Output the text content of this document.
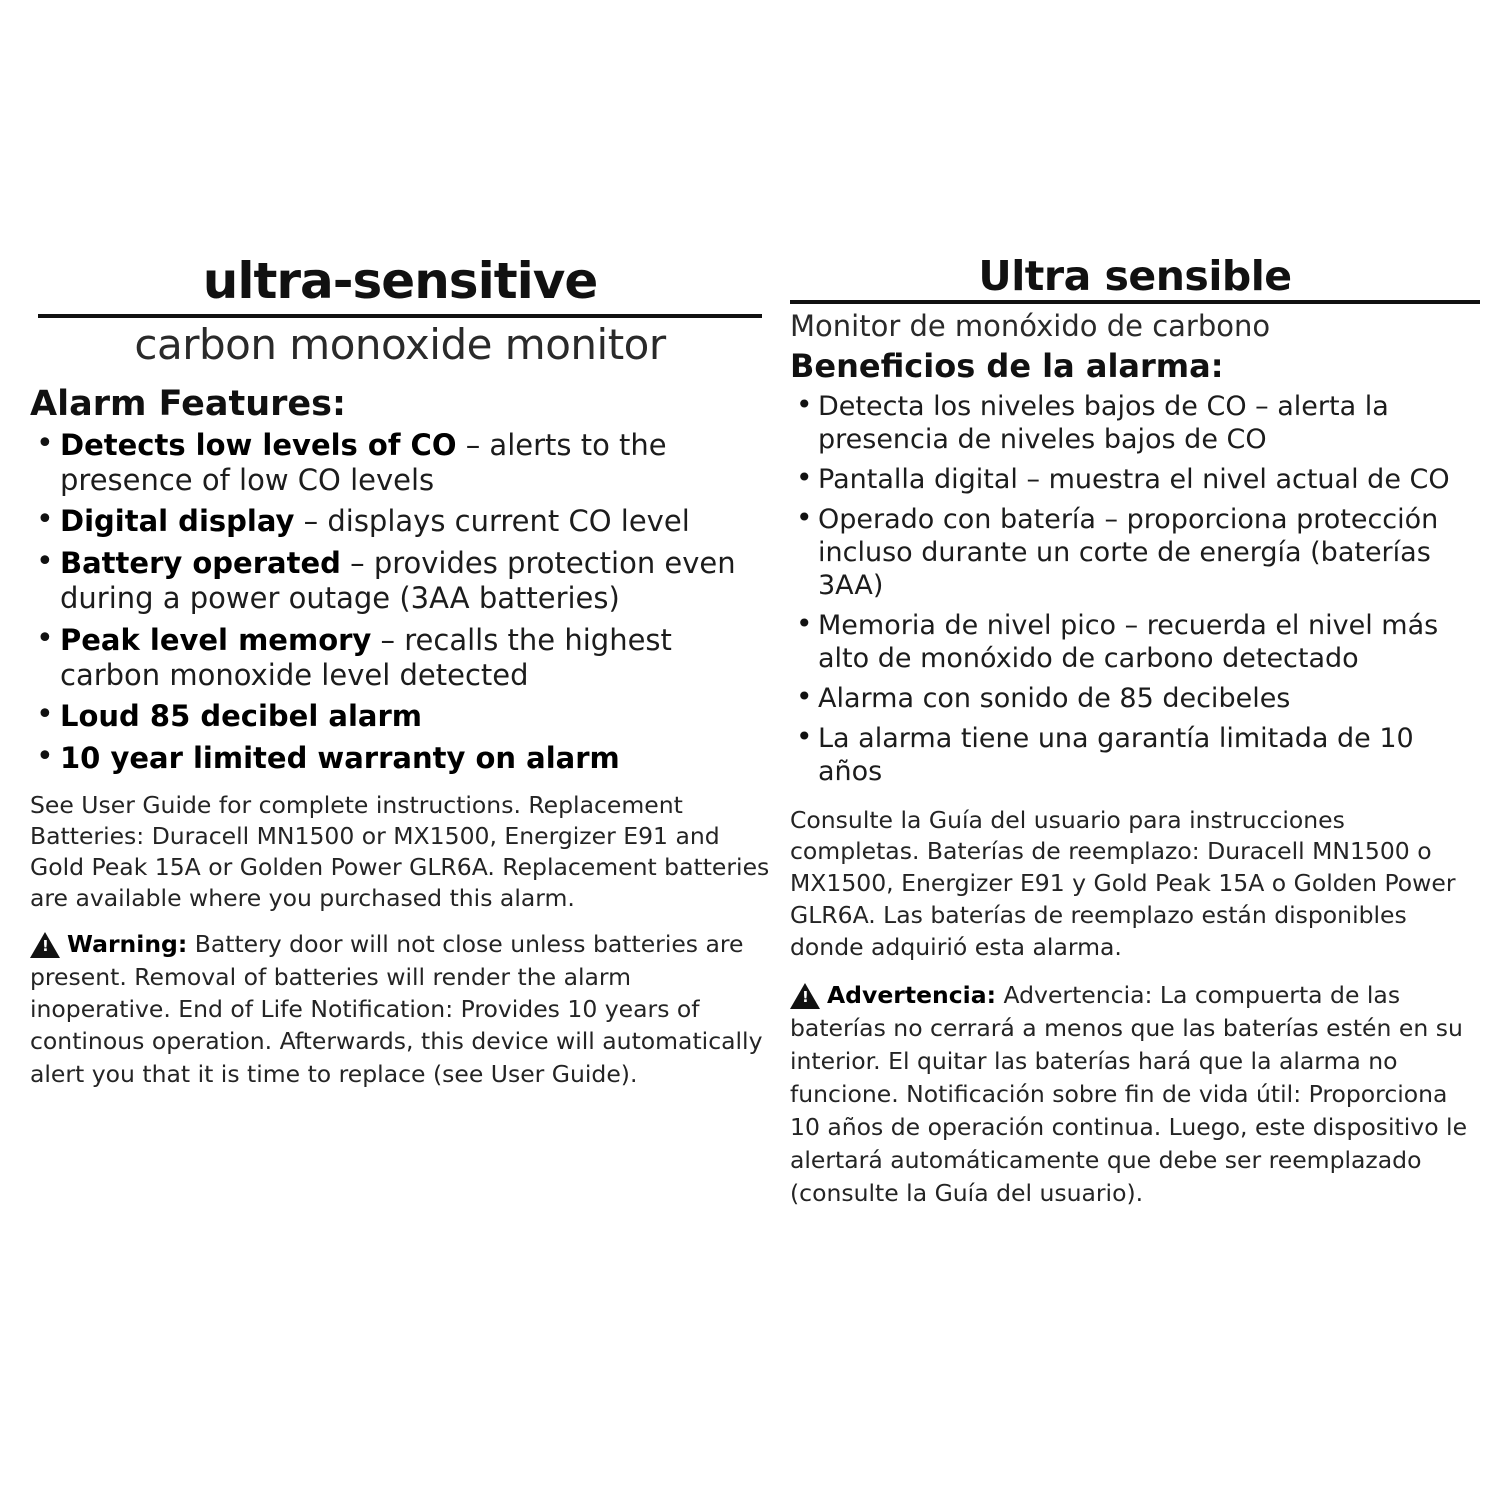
ultra-sensitive
carbon monoxide monitor
Alarm Features:
• Detects low levels of CO – alerts to the presence of low CO levels
• Digital display – displays current CO level
• Battery operated – provides protection even during a power outage (3AA batteries)
• Peak level memory – recalls the highest carbon monoxide level detected
• Loud 85 decibel alarm
• 10 year limited warranty on alarm
See User Guide for complete instructions. Replacement Batteries: Duracell MN1500 or MX1500, Energizer E91 and Gold Peak 15A or Golden Power GLR6A. Replacement batteries are available where you purchased this alarm.
! Warning: Battery door will not close unless batteries are present. Removal of batteries will render the alarm inoperative. End of Life Notification: Provides 10 years of continous operation. Afterwards, this device will automatically alert you that it is time to replace (see User Guide).
Ultra sensible
Monitor de monóxido de carbono
Beneficios de la alarma:
• Detecta los niveles bajos de CO – alerta la presencia de niveles bajos de CO
• Pantalla digital – muestra el nivel actual de CO
• Operado con batería – proporciona protección incluso durante un corte de energía (baterías 3AA)
• Memoria de nivel pico – recuerda el nivel más alto de monóxido de carbono detectado
• Alarma con sonido de 85 decibeles
• La alarma tiene una garantía limitada de 10 años
Consulte la Guía del usuario para instrucciones completas. Baterías de reemplazo: Duracell MN1500 o MX1500, Energizer E91 y Gold Peak 15A o Golden Power GLR6A. Las baterías de reemplazo están disponibles donde adquirió esta alarma.
! Advertencia: Advertencia: La compuerta de las baterías no cerrará a menos que las baterías estén en su interior. El quitar las baterías hará que la alarma no funcione. Notificación sobre fin de vida útil: Proporciona 10 años de operación continua. Luego, este dispositivo le alertará automáticamente que debe ser reemplazado (consulte la Guía del usuario).
